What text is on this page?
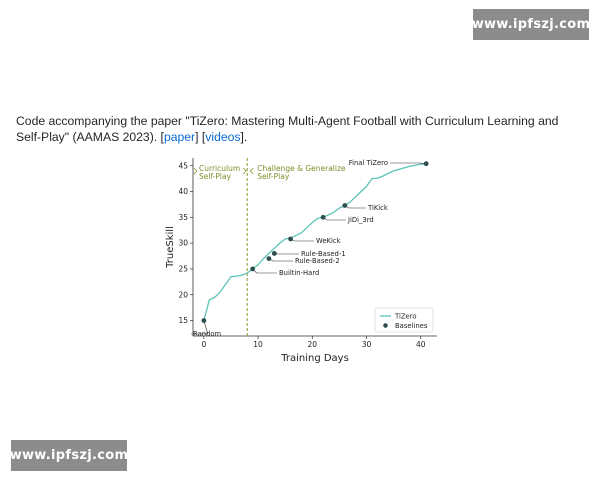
www.ipfszj.com

Code accompanying the paper "TiZero: Mastering Multi-Agent Football with Curriculum Learning and Self-Play" (AAMAS 2023). [paper] [videos].

15
20
25
30
35
40
45
0	10	20	30	40
Curriculum
Self-Play
Challenge & Generalize
Self-Play
Random
Builtin-Hard
Rule-Based-2
Rule-Based-1
WeKick
JiDi_3rd
TiKick
Final TiZero
Training Days
TrueSkill
TiZero
Baselines
www.ipfszj.com
